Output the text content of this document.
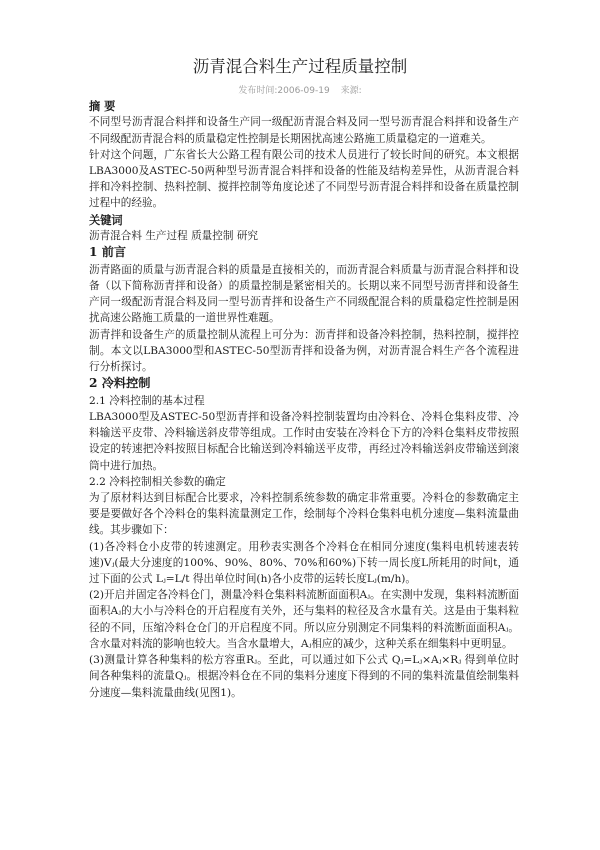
沥青混合料生产过程质量控制
发布时间:2006-09-19 来源:
摘 要

不同型号沥青混合料拌和设备生产同一级配沥青混合料及同一型号沥青混合料拌和设备生产不同级配沥青混合料的质量稳定性控制是长期困扰高速公路施工质量稳定的一道难关。

针对这个问题，广东省长大公路工程有限公司的技术人员进行了较长时间的研究。本文根据LBA3000及ASTEC-50两种型号沥青混合料拌和设备的性能及结构差异性，从沥青混合料拌和冷料控制、热料控制、搅拌控制等角度论述了不同型号沥青混合料拌和设备在质量控制过程中的经验。

关键词

沥青混合料 生产过程 质量控制 研究

1 前言

沥青路面的质量与沥青混合料的质量是直接相关的，而沥青混合料质量与沥青混合料拌和设备（以下简称沥青拌和设备）的质量控制是紧密相关的。长期以来不同型号沥青拌和设备生产同一级配沥青混合料及同一型号沥青拌和设备生产不同级配混合料的质量稳定性控制是困扰高速公路施工质量的一道世界性难题。

沥青拌和设备生产的质量控制从流程上可分为：沥青拌和设备冷料控制，热料控制，搅拌控制。本文以LBA3000型和ASTEC-50型沥青拌和设备为例，对沥青混合料生产各个流程进行分析探讨。

2 冷料控制
2.1 冷料控制的基本过程

LBA3000型及ASTEC-50型沥青拌和设备冷料控制装置均由冷料仓、冷料仓集料皮带、冷料输送平皮带、冷料输送斜皮带等组成。工作时由安装在冷料仓下方的冷料仓集料皮带按照设定的转速把冷料按照目标配合比输送到冷料输送平皮带，再经过冷料输送斜皮带输送到滚筒中进行加热。

2.2 冷料控制相关参数的确定

为了原材料达到目标配合比要求，冷料控制系统参数的确定非常重要。冷料仓的参数确定主要是要做好各个冷料仓的集料流量测定工作，绘制每个冷料仓集料电机分速度—集料流量曲线。其步骤如下：

(1)各冷料仓小皮带的转速测定。用秒表实测各个冷料仓在相同分速度(集料电机转速表转速)Vⱼ(最大分速度的100%、90%、80%、70%和60%)下转一周长度L所耗用的时间t，通过下面的公式 Lⱼ=L/t 得出单位时间(h)各小皮带的运转长度Lⱼ(m/h)。

(2)开启并固定各冷料仓门，测量冷料仓集料料流断面面积Aⱼ。在实测中发现，集料料流断面面积Aⱼ的大小与冷料仓的开启程度有关外，还与集料的粒径及含水量有关。这是由于集料粒径的不同，压缩冷料仓仓门的开启程度不同。所以应分别测定不同集料的料流断面面积Aⱼ。含水量对料流的影响也较大。当含水量增大，Aⱼ相应的减少，这种关系在细集料中更明显。

(3)测量计算各种集料的松方容重Rⱼ。至此，可以通过如下公式 Qⱼ=Lⱼ×Aⱼ×Rⱼ 得到单位时间各种集料的流量Qⱼ。根据冷料仓在不同的集料分速度下得到的不同的集料流量值绘制集料分速度—集料流量曲线(见图1)。
